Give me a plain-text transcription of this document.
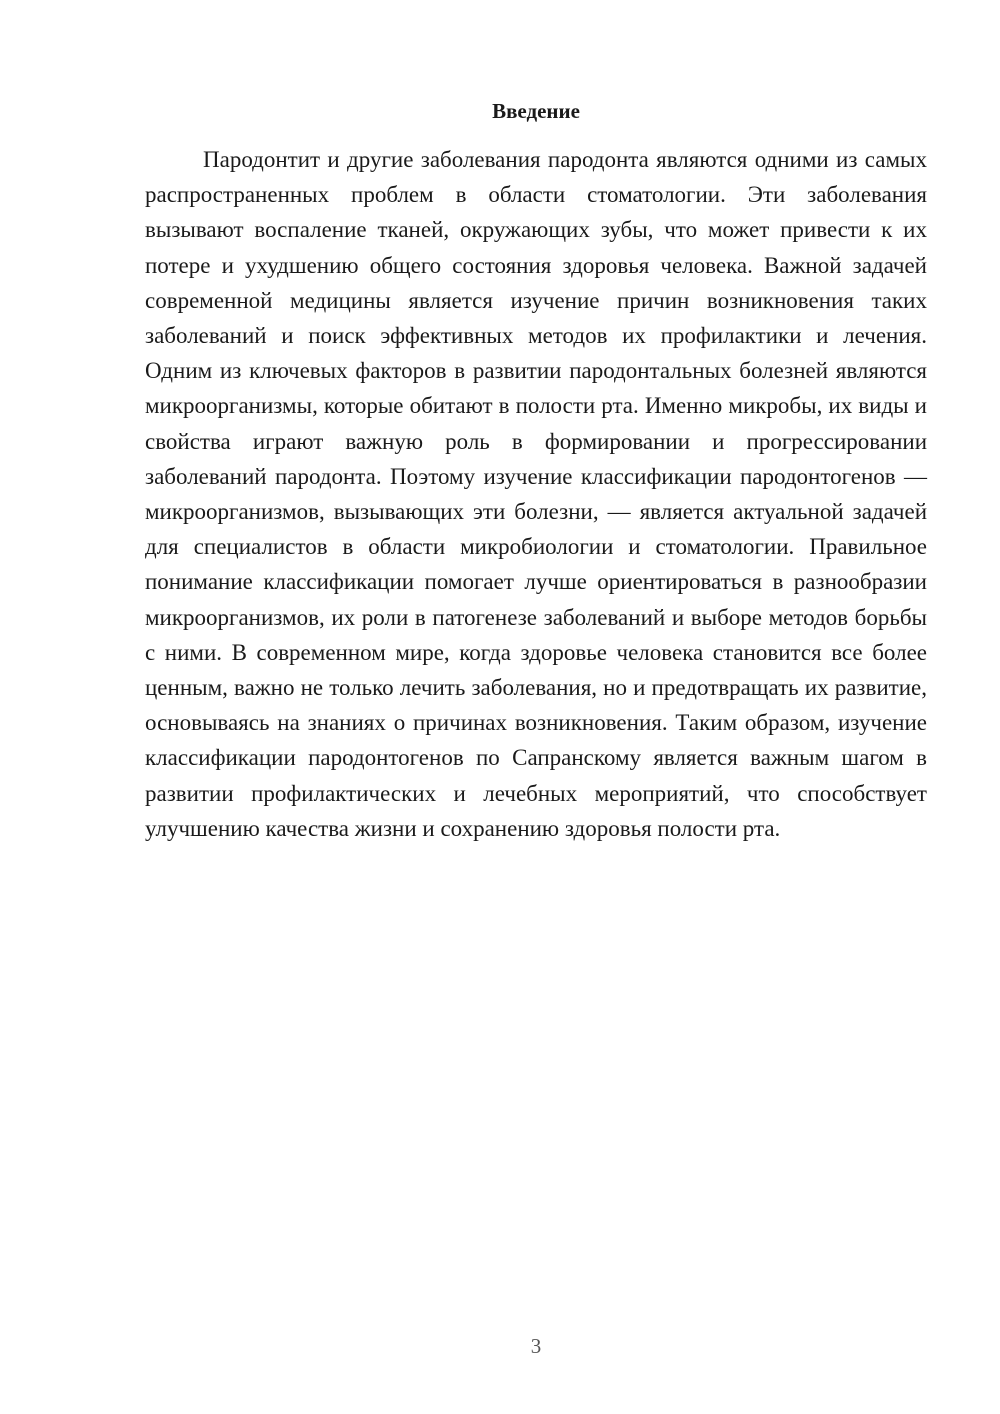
Введение

Пародонтит и другие заболевания пародонта являются одними из самых распространенных проблем в области стоматологии. Эти заболевания вызывают воспаление тканей, окружающих зубы, что может привести к их потере и ухудшению общего состояния здоровья человека. Важной задачей современной медицины является изучение причин возникновения таких заболеваний и поиск эффективных методов их профилактики и лечения. Одним из ключевых факторов в развитии пародонтальных болезней являются микроорганизмы, которые обитают в полости рта. Именно микробы, их виды и свойства играют важную роль в формировании и прогрессировании заболеваний пародонта. Поэтому изучение классификации пародонтогенов — микроорганизмов, вызывающих эти болезни, — является актуальной задачей для специалистов в области микробиологии и стоматологии. Правильное понимание классификации помогает лучше ориентироваться в разнообразии микроорганизмов, их роли в патогенезе заболеваний и выборе методов борьбы с ними. В современном мире, когда здоровье человека становится все более ценным, важно не только лечить заболевания, но и предотвращать их развитие, основываясь на знаниях о причинах возникновения. Таким образом, изучение классификации пародонтогенов по Сапранскому является важным шагом в развитии профилактических и лечебных мероприятий, что способствует улучшению качества жизни и сохранению здоровья полости рта.

3
